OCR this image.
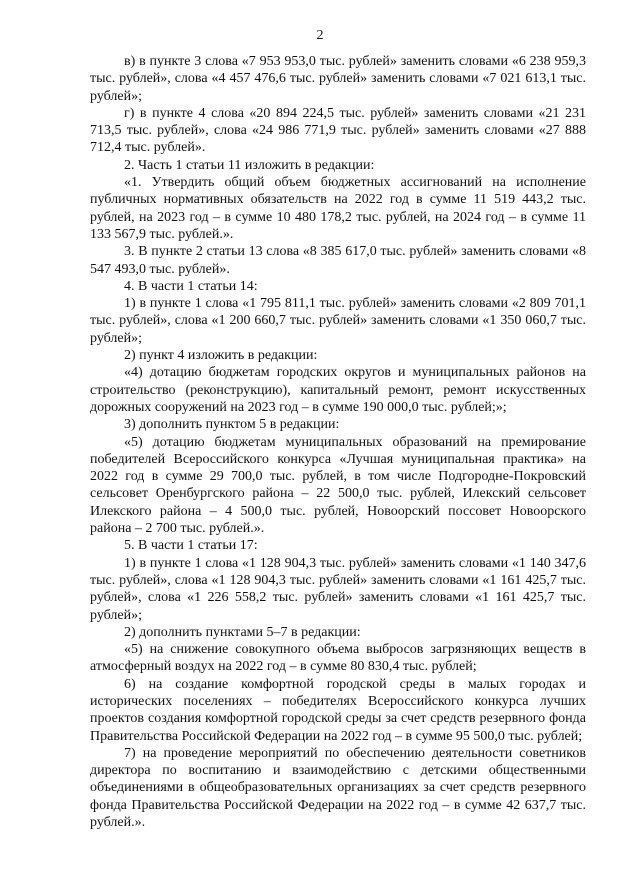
2

в) в пункте 3 слова «7 953 953,0 тыс. рублей» заменить словами «6 238 959,3 тыс. рублей», слова «4 457 476,6 тыс. рублей» заменить словами «7 021 613,1 тыс. рублей»;

г) в пункте 4 слова «20 894 224,5 тыс. рублей» заменить словами «21 231 713,5 тыс. рублей», слова «24 986 771,9 тыс. рублей» заменить словами «27 888 712,4 тыс. рублей».

2. Часть 1 статьи 11 изложить в редакции:

«1. Утвердить общий объем бюджетных ассигнований на исполнение публичных нормативных обязательств на 2022 год в сумме 11 519 443,2 тыс. рублей, на 2023 год – в сумме 10 480 178,2 тыс. рублей, на 2024 год – в сумме 11 133 567,9 тыс. рублей.».

3. В пункте 2 статьи 13 слова «8 385 617,0 тыс. рублей» заменить словами «8 547 493,0 тыс. рублей».

4. В части 1 статьи 14:

1) в пункте 1 слова «1 795 811,1 тыс. рублей» заменить словами «2 809 701,1 тыс. рублей», слова «1 200 660,7 тыс. рублей» заменить словами «1 350 060,7 тыс. рублей»;

2) пункт 4 изложить в редакции:

«4) дотацию бюджетам городских округов и муниципальных районов на строительство (реконструкцию), капитальный ремонт, ремонт искусственных дорожных сооружений на 2023 год – в сумме 190 000,0 тыс. рублей;»;

3) дополнить пунктом 5 в редакции:

«5) дотацию бюджетам муниципальных образований на премирование победителей Всероссийского конкурса «Лучшая муниципальная практика» на 2022 год в сумме 29 700,0 тыс. рублей, в том числе Подгородне-Покровский сельсовет Оренбургского района – 22 500,0 тыс. рублей, Илекский сельсовет Илекского района – 4 500,0 тыс. рублей, Новоорский поссовет Новоорского района – 2 700 тыс. рублей.».

5. В части 1 статьи 17:

1) в пункте 1 слова «1 128 904,3 тыс. рублей» заменить словами «1 140 347,6 тыс. рублей», слова «1 128 904,3 тыс. рублей» заменить словами «1 161 425,7 тыс. рублей», слова «1 226 558,2 тыс. рублей» заменить словами «1 161 425,7 тыс. рублей»;

2) дополнить пунктами 5–7 в редакции:

«5) на снижение совокупного объема выбросов загрязняющих веществ в атмосферный воздух на 2022 год – в сумме 80 830,4 тыс. рублей;

6) на создание комфортной городской среды в малых городах и исторических поселениях – победителях Всероссийского конкурса лучших проектов создания комфортной городской среды за счет средств резервного фонда Правительства Российской Федерации на 2022 год – в сумме 95 500,0 тыс. рублей;

7) на проведение мероприятий по обеспечению деятельности советников директора по воспитанию и взаимодействию с детскими общественными объединениями в общеобразовательных организациях за счет средств резервного фонда Правительства Российской Федерации на 2022 год – в сумме 42 637,7 тыс. рублей.».
